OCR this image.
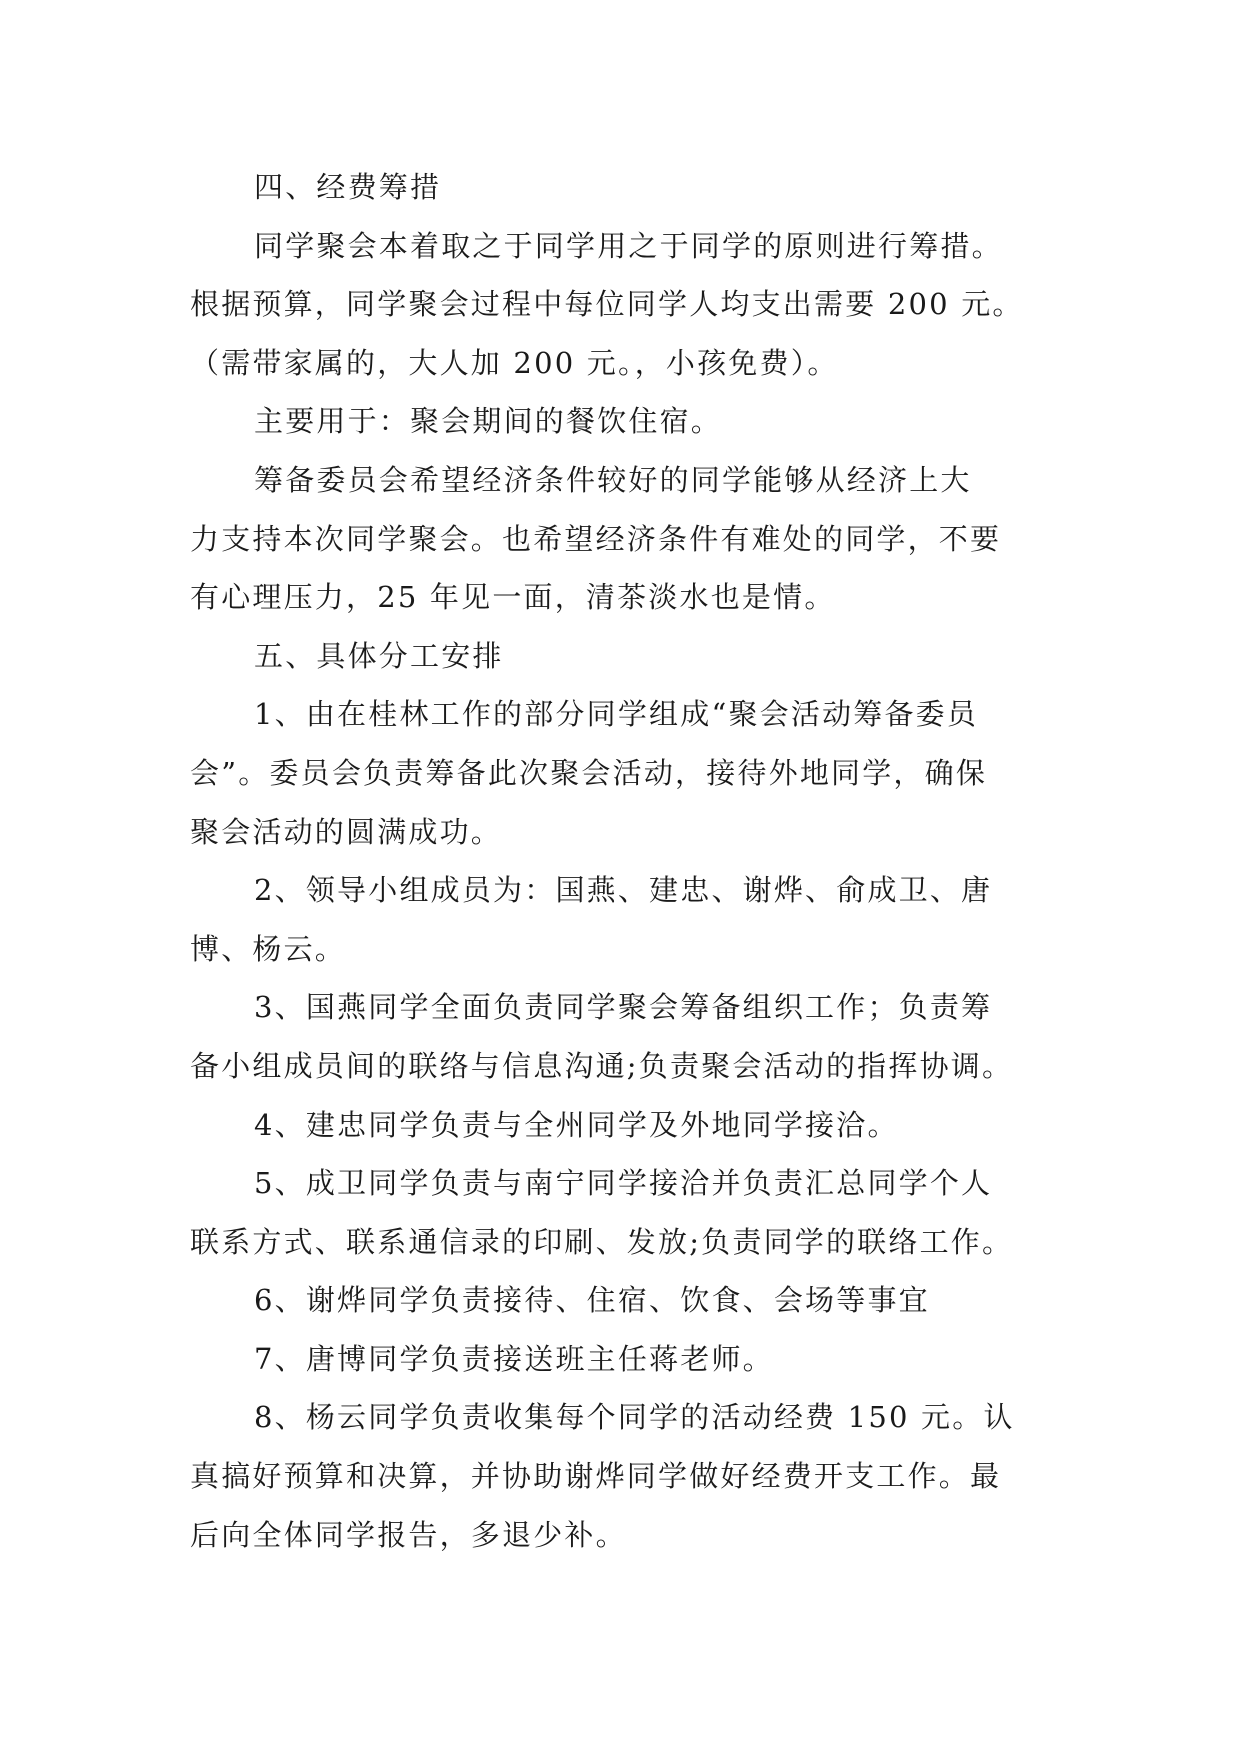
四、经费筹措
同学聚会本着取之于同学用之于同学的原则进行筹措。
根据预算，同学聚会过程中每位同学人均支出需要 200 元。
（需带家属的，大人加 200 元。，小孩免费）。
主要用于：聚会期间的餐饮住宿。
筹备委员会希望经济条件较好的同学能够从经济上大
力支持本次同学聚会。也希望经济条件有难处的同学，不要
有心理压力，25 年见一面，清茶淡水也是情。
五、具体分工安排
1、由在桂林工作的部分同学组成“聚会活动筹备委员
会”。委员会负责筹备此次聚会活动，接待外地同学，确保
聚会活动的圆满成功。
2、领导小组成员为：国燕、建忠、谢烨、俞成卫、唐
博、杨云。
3、国燕同学全面负责同学聚会筹备组织工作；负责筹
备小组成员间的联络与信息沟通;负责聚会活动的指挥协调。
4、建忠同学负责与全州同学及外地同学接洽。
5、成卫同学负责与南宁同学接洽并负责汇总同学个人
联系方式、联系通信录的印刷、发放;负责同学的联络工作。
6、谢烨同学负责接待、住宿、饮食、会场等事宜
7、唐博同学负责接送班主任蒋老师。
8、杨云同学负责收集每个同学的活动经费 150 元。认
真搞好预算和决算，并协助谢烨同学做好经费开支工作。最
后向全体同学报告，多退少补。
